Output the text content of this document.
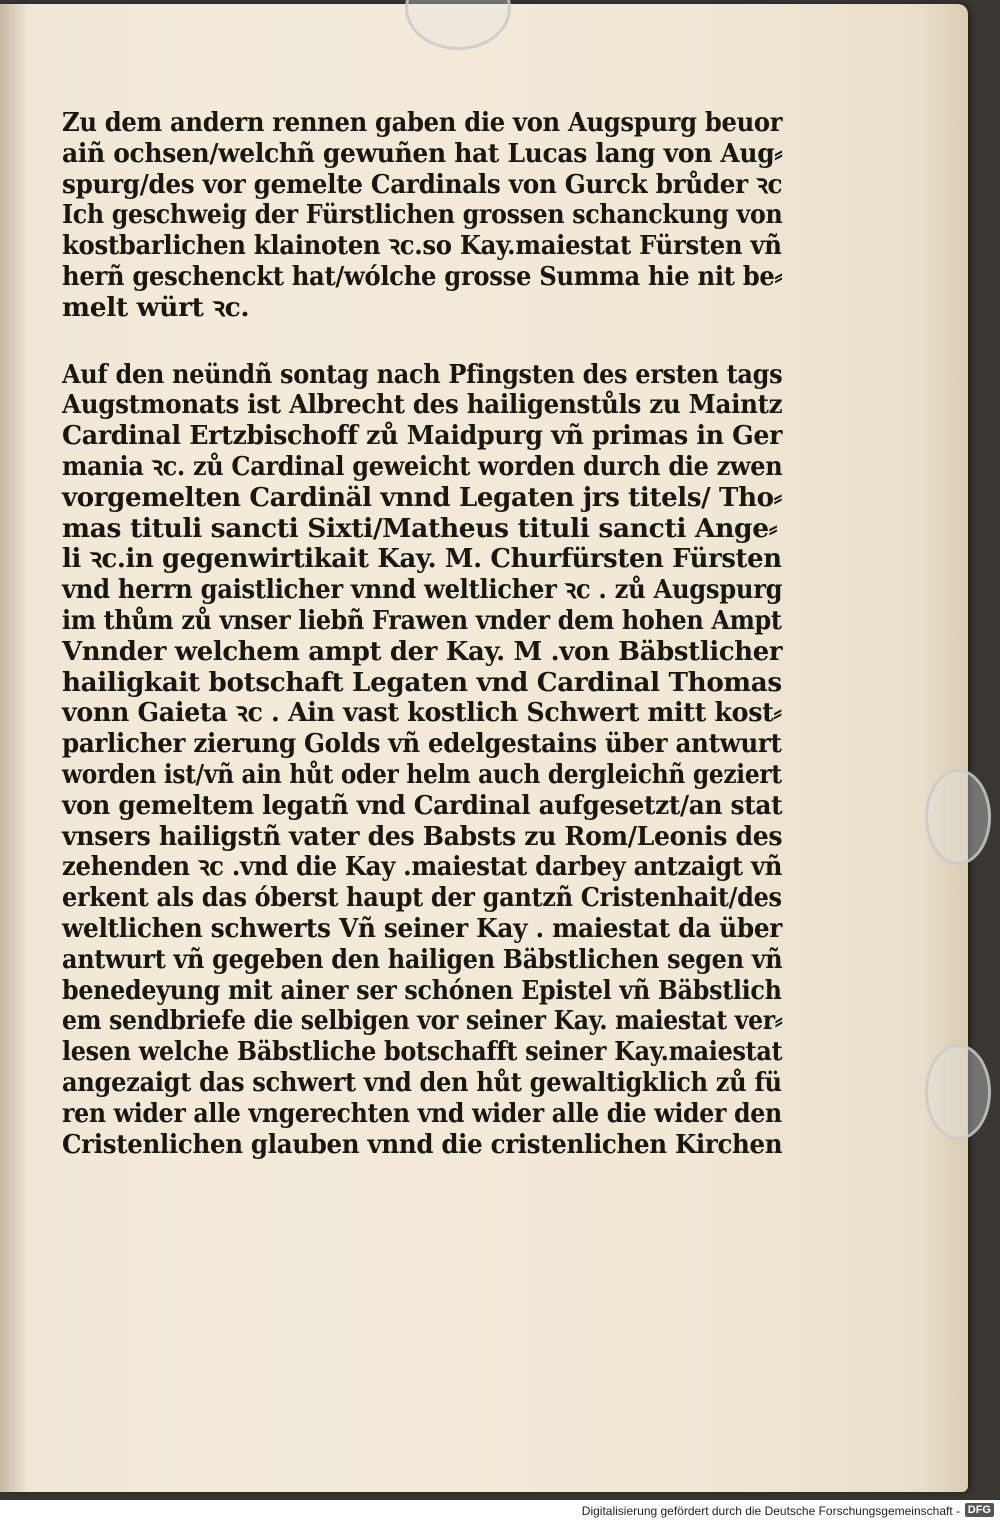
Zu dem andern rennen gaben die von Augspurg beuor
aiñ ochsen/welchñ gewuñen hat Lucas lang von Aug⸗
spurg/des vor gemelte Cardinals von Gurck brůder ꝛc
Ich geschweig der Fürstlichen grossen schanckung von
kostbarlichen klainoten ꝛc.so Kay.maiestat Fürsten vñ
herñ geschenckt hat/wólche grosse Summa hie nit be⸗
melt würt ꝛc.
Auf den neündñ sontag nach Pfingsten des ersten tags
Augstmonats ist Albrecht des hailigenstůls zu Maintz
Cardinal Ertzbischoff zů Maidpurg vñ primas in Ger
mania ꝛc. zů Cardinal geweicht worden durch die zwen
vorgemelten Cardinäl vnnd Legaten jrs titels/ Tho⸗
mas tituli sancti Sixti/Matheus tituli sancti Ange⸗
li ꝛc.in gegenwirtikait Kay. M. Churfürsten Fürsten
vnd herrn gaistlicher vnnd weltlicher ꝛc . zů Augspurg
im thům zů vnser liebñ Frawen vnder dem hohen Ampt
Vnnder welchem ampt der Kay. M .von Bäbstlicher
hailigkait botschaft Legaten vnd Cardinal Thomas
vonn Gaieta ꝛc . Ain vast kostlich Schwert mitt kost⸗
parlicher zierung Golds vñ edelgestains über antwurt
worden ist/vñ ain hůt oder helm auch dergleichñ geziert
von gemeltem legatñ vnd Cardinal aufgesetzt/an stat
vnsers hailigstñ vater des Babsts zu Rom/Leonis des
zehenden ꝛc .vnd die Kay .maiestat darbey antzaigt vñ
erkent als das óberst haupt der gantzñ Cristenhait/des
weltlichen schwerts Vñ seiner Kay . maiestat da über
antwurt vñ gegeben den hailigen Bäbstlichen segen vñ
benedeyung mit ainer ser schónen Epistel vñ Bäbstlich
em sendbriefe die selbigen vor seiner Kay. maiestat ver⸗
lesen welche Bäbstliche botschafft seiner Kay.maiestat
angezaigt das schwert vnd den hůt gewaltigklich zů fü
ren wider alle vngerechten vnd wider alle die wider den
Cristenlichen glauben vnnd die cristenlichen Kirchen
Digitalisierung gefördert durch die Deutsche Forschungsgemeinschaft - DFG
